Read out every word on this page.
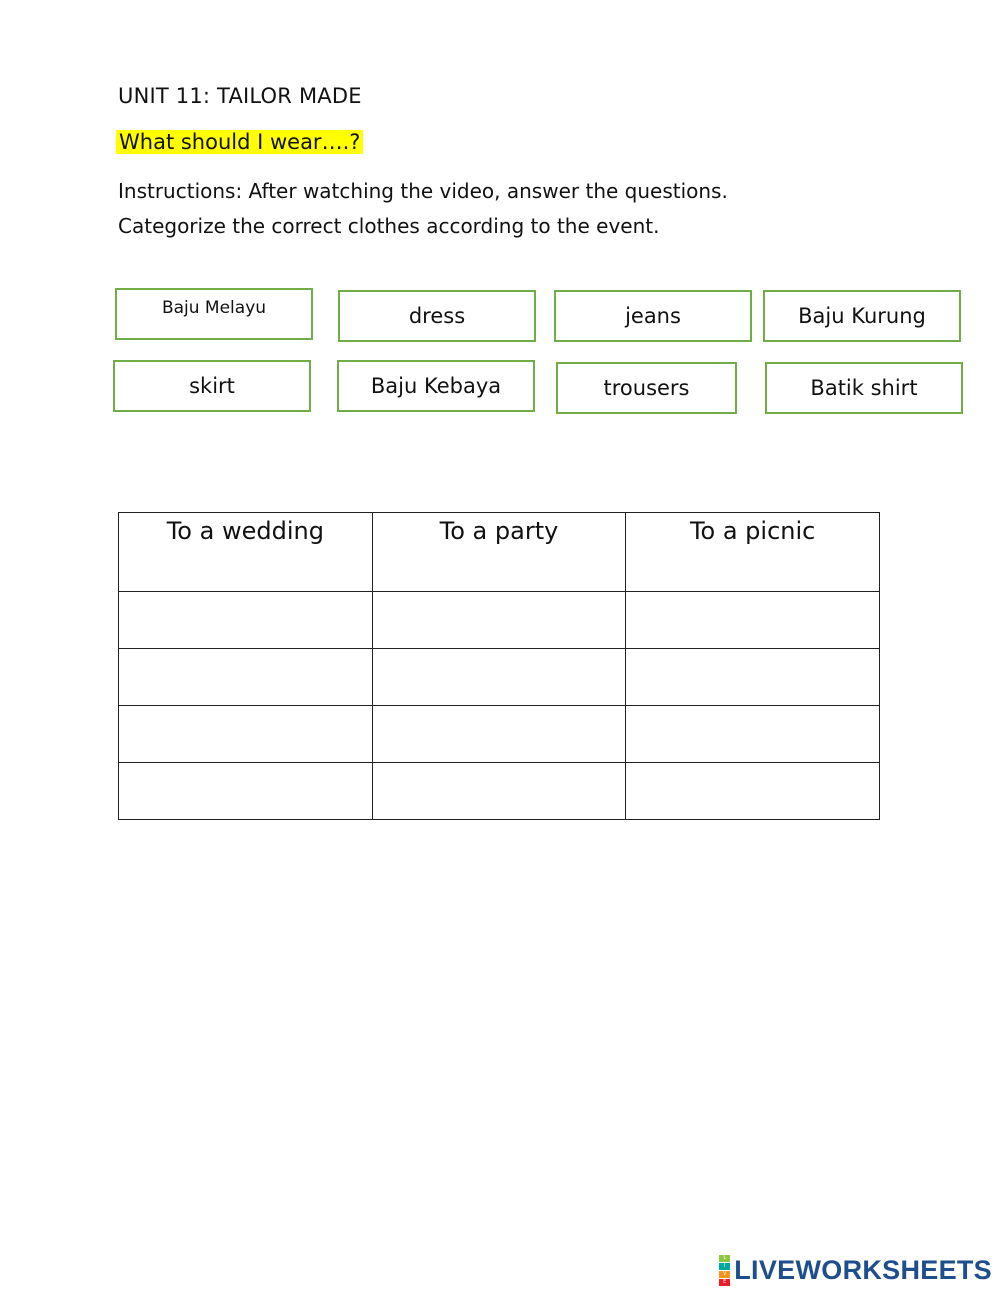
UNIT 11: TAILOR MADE
What should I wear….?
Instructions: After watching the video, answer the questions.
Categorize the correct clothes according to the event.
Baju Melayu	dress	jeans	Baju Kurung
skirt	Baju Kebaya	trousers	Batik shirt
To a wedding	To a party	To a picnic

L
I
V
E LIVEWORKSHEETS
